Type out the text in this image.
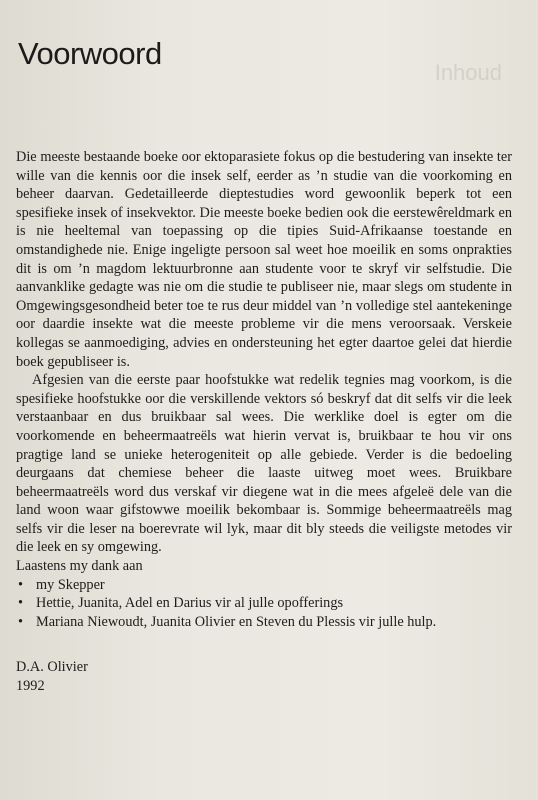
Inhoud
Voorwoord

Die meeste bestaande boeke oor ektoparasiete fokus op die bestudering van insekte ter wille van die kennis oor die insek self, eerder as ’n studie van die voorkoming en beheer daarvan. Gedetailleerde dieptestudies word gewoonlik beperk tot een spesifieke insek of insekvektor. Die meeste boeke bedien ook die eerstewêreldmark en is nie heeltemal van toepassing op die tipies Suid-Afrikaanse toestande en omstandighede nie. Enige ingeligte persoon sal weet hoe moeilik en soms onprakties dit is om ’n magdom lektuurbronne aan studente voor te skryf vir selfstudie. Die aanvanklike gedagte was nie om die studie te publiseer nie, maar slegs om studente in Omgewingsgesondheid beter toe te rus deur middel van ’n volledige stel aantekeninge oor daardie insekte wat die meeste probleme vir die mens veroorsaak. Verskeie kollegas se aanmoediging, advies en ondersteuning het egter daartoe gelei dat hierdie boek gepubliseer is.

Afgesien van die eerste paar hoofstukke wat redelik tegnies mag voorkom, is die spesifieke hoofstukke oor die verskillende vektors só beskryf dat dit selfs vir die leek verstaanbaar en dus bruikbaar sal wees. Die werklike doel is egter om die voorkomende en beheermaatreëls wat hierin vervat is, bruikbaar te hou vir ons pragtige land se unieke heterogeniteit op alle gebiede. Verder is die bedoeling deurgaans dat chemiese beheer die laaste uitweg moet wees. Bruikbare beheermaatreëls word dus verskaf vir diegene wat in die mees afgeleë dele van die land woon waar gifstowwe moeilik bekombaar is. Sommige beheermaatreëls mag selfs vir die leser na boerevrate wil lyk, maar dit bly steeds die veiligste metodes vir die leek en sy omgewing.

Laastens my dank aan

• my Skepper
• Hettie, Juanita, Adel en Darius vir al julle opofferings
• Mariana Niewoudt, Juanita Olivier en Steven du Plessis vir julle hulp.
D.A. Olivier
1992
